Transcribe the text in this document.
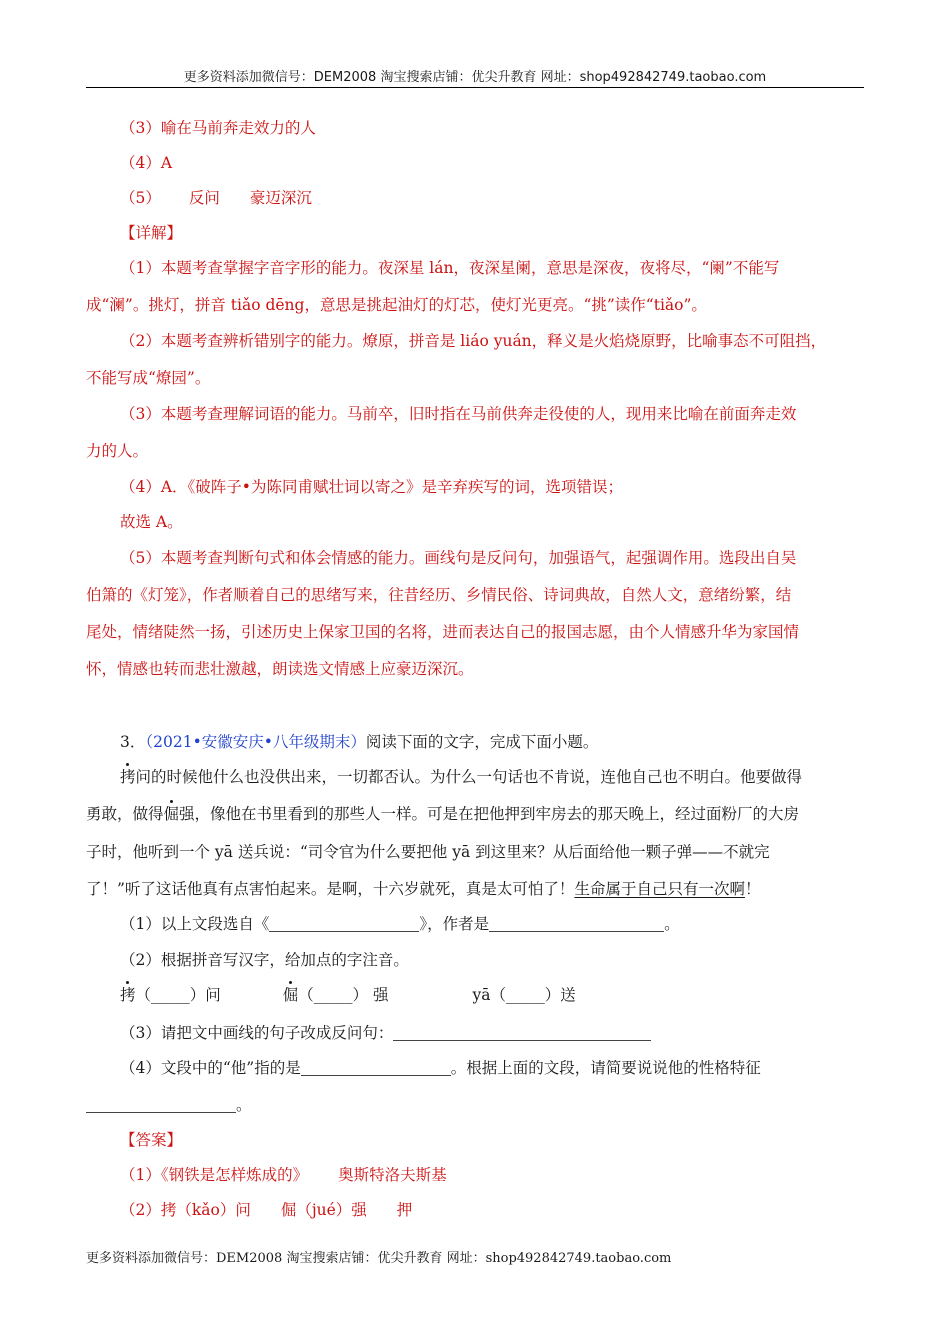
更多资料添加微信号：DEM2008 淘宝搜索店铺：优尖升教育 网址：shop492842749.taobao.com
（3）喻在马前奔走效力的人
（4）A
（5） 反问 豪迈深沉
【详解】
（1）本题考查掌握字音字形的能力。夜深星 lán，夜深星阑，意思是深夜，夜将尽，“阑”不能写
成“澜”。挑灯，拼音 tiǎo dēng，意思是挑起油灯的灯芯，使灯光更亮。“挑”读作“tiǎo”。
（2）本题考查辨析错别字的能力。燎原，拼音是 liáo yuán，释义是火焰烧原野，比喻事态不可阻挡，
不能写成“燎园”。
（3）本题考查理解词语的能力。马前卒，旧时指在马前供奔走役使的人，现用来比喻在前面奔走效
力的人。
（4）A．《破阵子•为陈同甫赋壮词以寄之》是辛弃疾写的词，选项错误；
故选 A。
（5）本题考查判断句式和体会情感的能力。画线句是反问句，加强语气，起强调作用。选段出自吴
伯箫的《灯笼》，作者顺着自己的思绪写来，往昔经历、乡情民俗、诗词典故，自然人文，意绪纷繁，结
尾处，情绪陡然一扬，引述历史上保家卫国的名将，进而表达自己的报国志愿，由个人情感升华为家国情
怀，情感也转而悲壮激越，朗读选文情感上应豪迈深沉。
3．（2021•安徽安庆•八年级期末）阅读下面的文字，完成下面小题。
拷问的时候他什么也没供出来，一切都否认。为什么一句话也不肯说，连他自己也不明白。他要做得
勇敢，做得倔强，像他在书里看到的那些人一样。可是在把他押到牢房去的那天晚上，经过面粉厂的大房
子时，他听到一个 yā 送兵说：“司令官为什么要把他 yā 到这里来？从后面给他一颗子弹——不就完
了！”听了这话他真有点害怕起来。是啊，十六岁就死，真是太可怕了！生命属于自己只有一次啊！
（1）以上文段选自《	》，作者是	。
（2）根据拼音写汉字，给加点的字注音。
拷（_____）问	倔（_____） 强	yā（_____）送
（3）请把文中画线的句子改成反问句：
（4）文段中的“他”指的是	。根据上面的文段，请简要说说他的性格特征
。
【答案】
（1）《钢铁是怎样炼成的》 奥斯特洛夫斯基
（2）拷（kǎo）问 倔（jué）强 押
更多资料添加微信号：DEM2008 淘宝搜索店铺：优尖升教育 网址：shop492842749.taobao.com
